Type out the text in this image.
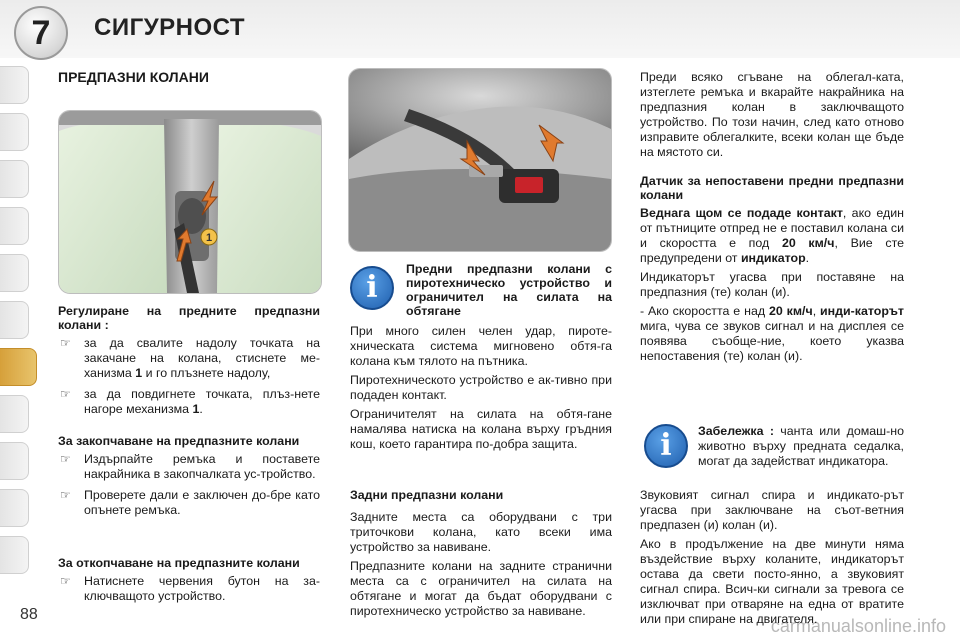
7	СИГУРНОСТ
88
carmanualsonline.info

ПРЕДПАЗНИ КОЛАНИ

1

Регулиране на предните предпазни колани :

☞ за да свалите надолу точката на закачане на колана, стиснете ме-ханизма 1 и го плъзнете надолу,
☞ за да повдигнете точката, плъз-нете нагоре механизма 1.

За закопчаване на предпазните колани

☞ Издърпайте ремъка и поставете накрайника в закопчалката ус-тройство.
☞ Проверете дали е заключен до-бре като опънете ремъка.

За откопчаване на предпазните колани

☞ Натиснете червения бутон на за-ключващото устройство.
i

Предни предпазни колани с пиротехническо устройство и ограничител на силата на обтягане

При много силен челен удар, пироте-хническата система мигновено обтя-га колана към тялото на пътника.

Пиротехническото устройство е ак-тивно при подаден контакт.

Ограничителят на силата на обтя-гане намалява натиска на колана върху гръдния кош, което гарантира по-добра защита.

Задни предпазни колани

Задните места са оборудвани с три триточкови колана, като всеки има устройство за навиване.

Предпазните колани на задните странични места са с ограничител на силата на обтягане и могат да бъдат оборудвани с пиротехническо устройство за навиване.

Преди всяко сгъване на облегал-ката, изтеглете ремъка и вкарайте накрайника на предпазния колан в заключващото устройство. По този начин, след като отново изправите облегалките, всеки колан ще бъде на мястото си.

Датчик за непоставени предни предпазни колани

Веднага щом се подаде контакт, ако един от пътниците отпред не е поставил колана си и скоростта е под 20 км/ч, Вие сте предупредени от индикатор.

Индикаторът угасва при поставяне на предпазния (те) колан (и).

- Ако скоростта е над 20 км/ч, инди-каторът мига, чува се звуков сигнал и на дисплея се появява съобще-ние, което указва непоставения (те) колан (и).

i	Забележка : чанта или домаш-но животно върху предната седалка, могат да задействат индикатора.

Звуковият сигнал спира и индикато-рът угасва при заключване на съот-ветния предпазен (и) колан (и).

Ако в продължение на две минути няма въздействие върху коланите, индикаторът остава да свети посто-янно, а звуковият сигнал спира. Всич-ки сигнали за тревога се изключват при отваряне на една от вратите или при спиране на двигателя.
